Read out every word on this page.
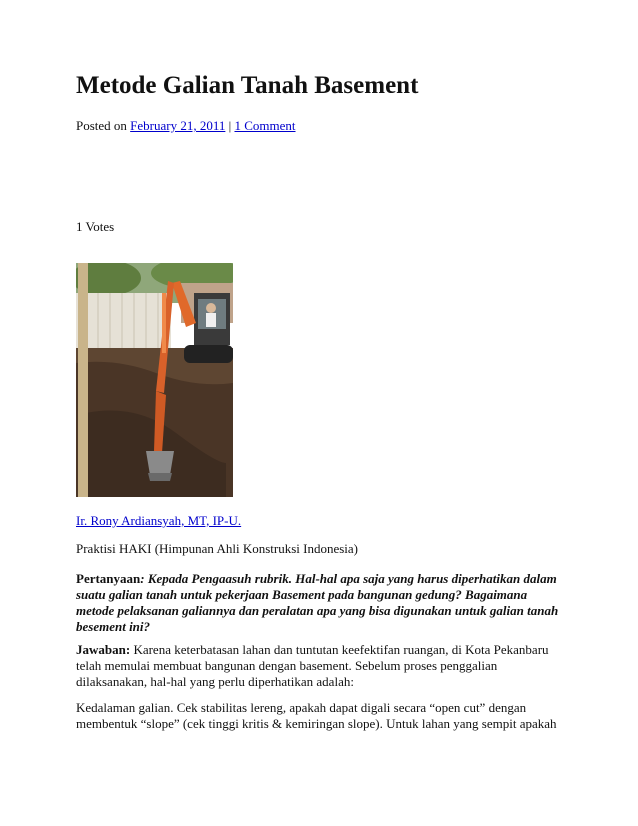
Metode Galian Tanah Basement
Posted on February 21, 2011 | 1 Comment
1 Votes
Ir. Rony Ardiansyah, MT, IP-U.
Praktisi HAKI (Himpunan Ahli Konstruksi Indonesia)

Pertanyaan: Kepada Pengaasuh rubrik. Hal-hal apa saja yang harus diperhatikan dalam suatu galian tanah untuk pekerjaan Basement pada bangunan gedung? Bagaimana metode pelaksanan galiannya dan peralatan apa yang bisa digunakan untuk galian tanah besement ini?

Jawaban: Karena keterbatasan lahan dan tuntutan keefektifan ruangan, di Kota Pekanbaru telah memulai membuat bangunan dengan basement. Sebelum proses penggalian dilaksanakan, hal-hal yang perlu diperhatikan adalah:

Kedalaman galian. Cek stabilitas lereng, apakah dapat digali secara “open cut” dengan membentuk “slope” (cek tinggi kritis & kemiringan slope). Untuk lahan yang sempit apakah
